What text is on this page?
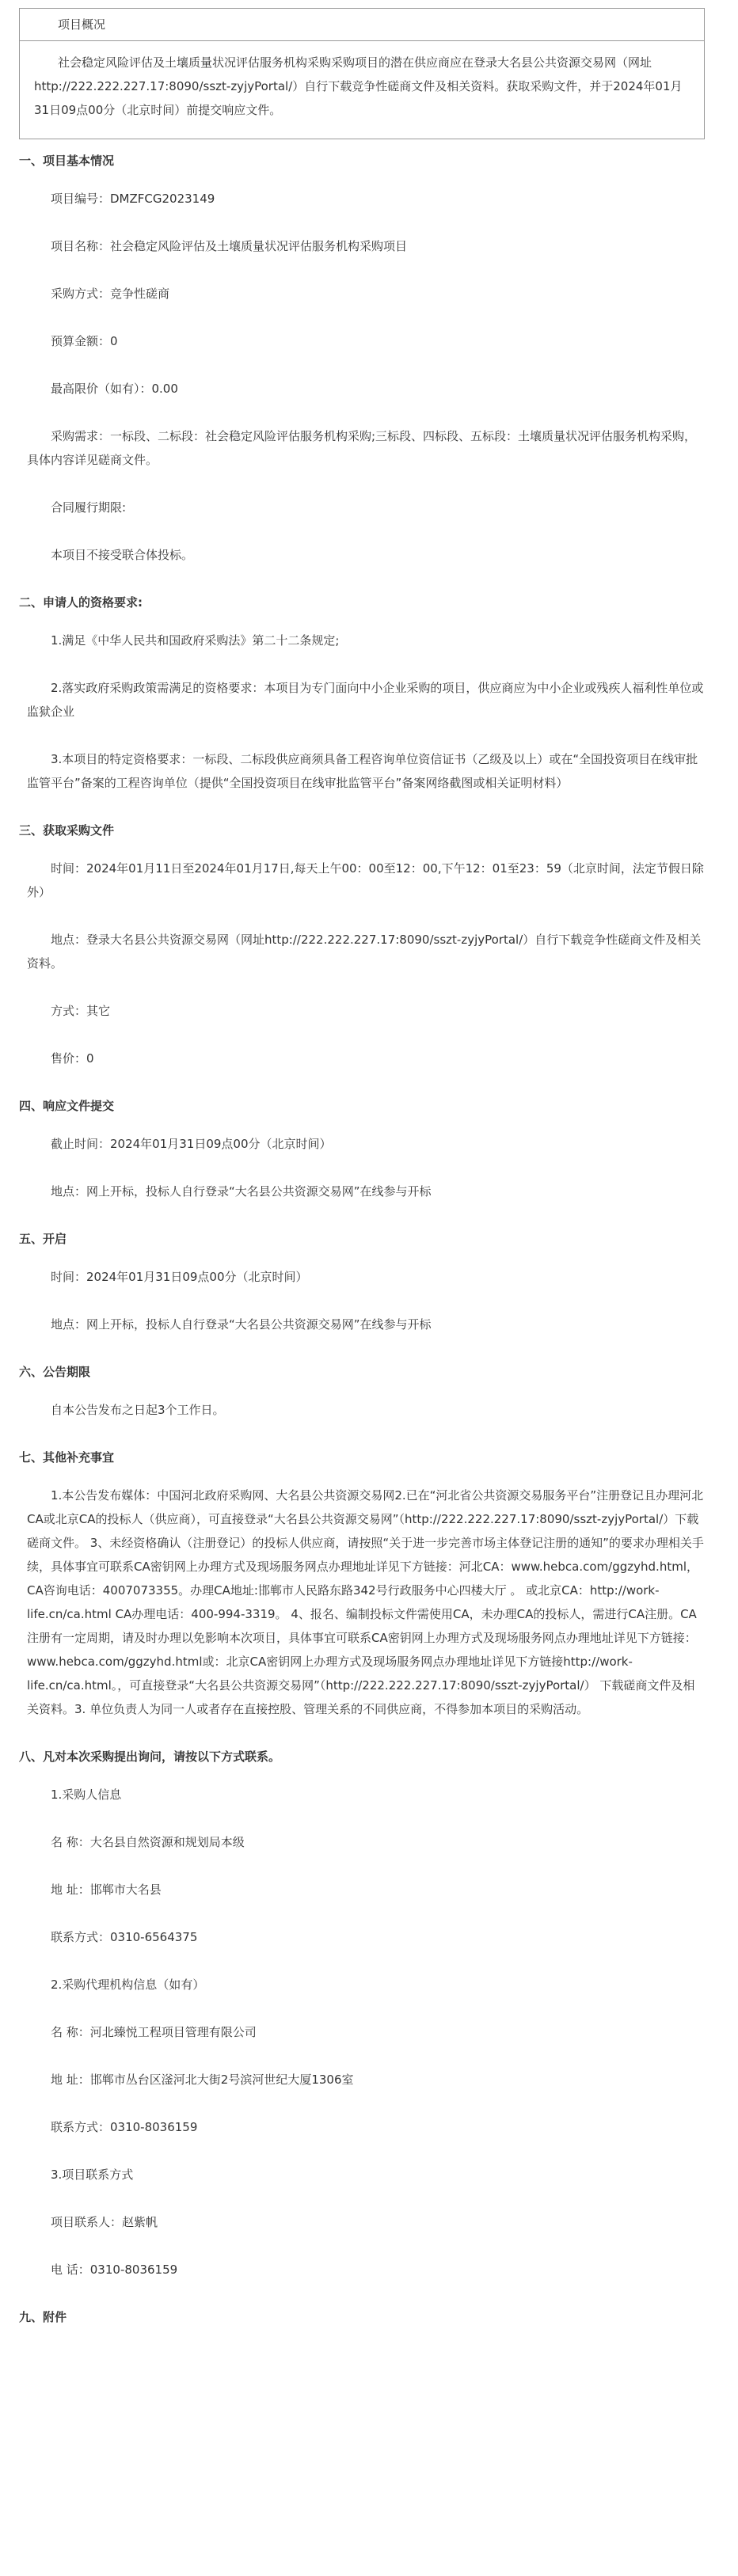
项目概况
社会稳定风险评估及土壤质量状况评估服务机构采购采购项目的潜在供应商应在登录大名县公共资源交易网（网址http://222.222.227.17:8090/sszt-zyjyPortal/）自行下载竞争性磋商文件及相关资料。获取采购文件，并于2024年01月31日09点00分（北京时间）前提交响应文件。
一、项目基本情况
项目编号：DMZFCG2023149
项目名称：社会稳定风险评估及土壤质量状况评估服务机构采购项目
采购方式：竞争性磋商
预算金额：0
最高限价（如有）：0.00
采购需求：一标段、二标段：社会稳定风险评估服务机构采购;三标段、四标段、五标段：土壤质量状况评估服务机构采购，具体内容详见磋商文件。
合同履行期限:
本项目不接受联合体投标。
二、申请人的资格要求:
1.满足《中华人民共和国政府采购法》第二十二条规定;
2.落实政府采购政策需满足的资格要求：本项目为专门面向中小企业采购的项目，供应商应为中小企业或残疾人福利性单位或监狱企业
3.本项目的特定资格要求：一标段、二标段供应商须具备工程咨询单位资信证书（乙级及以上）或在“全国投资项目在线审批监管平台”备案的工程咨询单位（提供“全国投资项目在线审批监管平台”备案网络截图或相关证明材料）
三、获取采购文件
时间：2024年01月11日至2024年01月17日,每天上午00：00至12：00,下午12：01至23：59（北京时间，法定节假日除外）
地点：登录大名县公共资源交易网（网址http://222.222.227.17:8090/sszt-zyjyPortal/）自行下载竞争性磋商文件及相关资料。
方式：其它
售价：0
四、响应文件提交
截止时间：2024年01月31日09点00分（北京时间）
地点：网上开标，投标人自行登录“大名县公共资源交易网”在线参与开标
五、开启
时间：2024年01月31日09点00分（北京时间）
地点：网上开标，投标人自行登录“大名县公共资源交易网”在线参与开标
六、公告期限
自本公告发布之日起3个工作日。
七、其他补充事宜
1.本公告发布媒体：中国河北政府采购网、大名县公共资源交易网2.已在“河北省公共资源交易服务平台”注册登记且办理河北CA或北京CA的投标人（供应商），可直接登录“大名县公共资源交易网”（http://222.222.227.17:8090/sszt-zyjyPortal/）下载磋商文件。 3、未经资格确认（注册登记）的投标人供应商，请按照“关于进一步完善市场主体登记注册的通知”的要求办理相关手续，具体事宜可联系CA密钥网上办理方式及现场服务网点办理地址详见下方链接：河北CA：www.hebca.com/ggzyhd.html，CA咨询电话：4007073355。办理CA地址:邯郸市人民路东路342号行政服务中心四楼大厅 。 或北京CA：http://work-life.cn/ca.html CA办理电话：400-994-3319。 4、报名、编制投标文件需使用CA，未办理CA的投标人，需进行CA注册。CA注册有一定周期，请及时办理以免影响本次项目，具体事宜可联系CA密钥网上办理方式及现场服务网点办理地址详见下方链接：www.hebca.com/ggzyhd.html或：北京CA密钥网上办理方式及现场服务网点办理地址详见下方链接http://work-life.cn/ca.html。，可直接登录“大名县公共资源交易网”（http://222.222.227.17:8090/sszt-zyjyPortal/） 下载磋商文件及相关资料。3. 单位负责人为同一人或者存在直接控股、管理关系的不同供应商，不得参加本项目的采购活动。
八、凡对本次采购提出询问，请按以下方式联系。
1.采购人信息
名 称：大名县自然资源和规划局本级
地 址：邯郸市大名县
联系方式：0310-6564375
2.采购代理机构信息（如有）
名 称：河北臻悦工程项目管理有限公司
地 址：邯郸市丛台区滏河北大街2号滨河世纪大厦1306室
联系方式：0310-8036159
3.项目联系方式
项目联系人：赵紫帆
电 话：0310-8036159
九、附件
